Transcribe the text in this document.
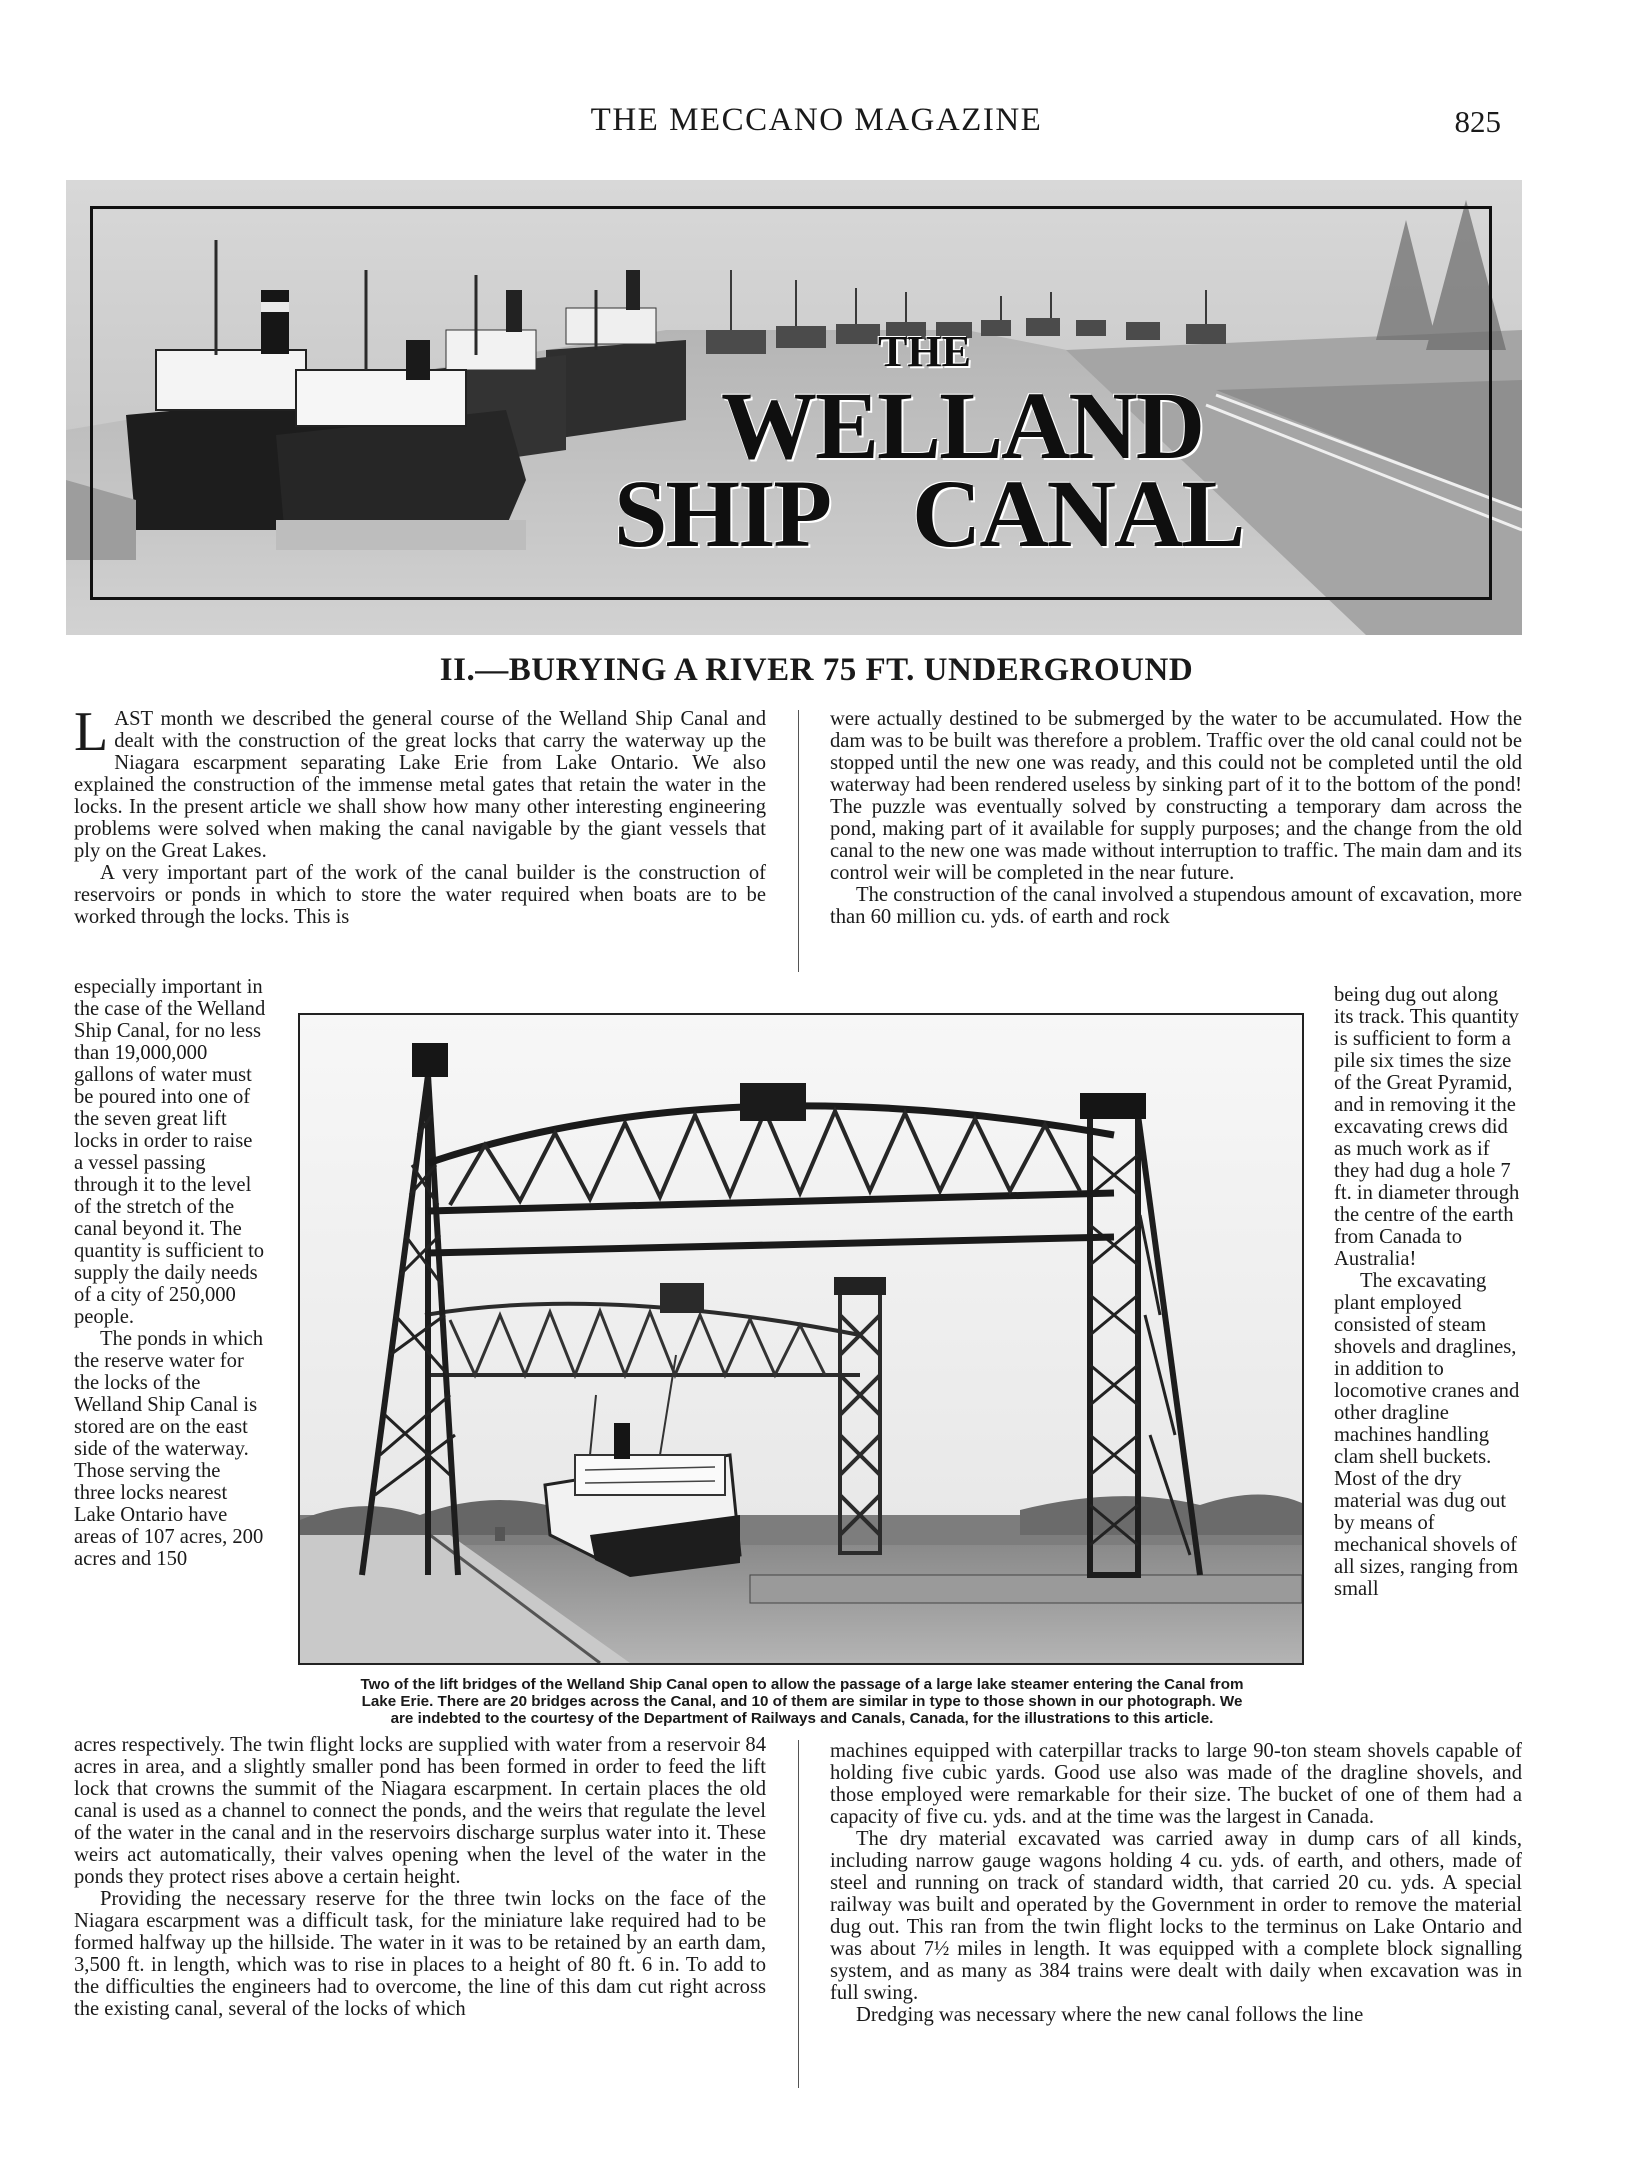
THE MECCANO MAGAZINE	825
THE
WELLAND
SHIP CANAL
II.—BURYING A RIVER 75 FT. UNDERGROUND

LAST month we described the general course of the Welland Ship Canal and dealt with the construction of the great locks that carry the waterway up the Niagara escarpment separating Lake Erie from Lake Ontario. We also explained the construction of the immense metal gates that retain the water in the locks. In the present article we shall show how many other interesting engineering problems were solved when making the canal navigable by the giant vessels that ply on the Great Lakes.

A very important part of the work of the canal builder is the construction of reservoirs or ponds in which to store the water required when boats are to be worked through the locks. This is

especially important in the case of the Welland Ship Canal, for no less than 19,000,000 gallons of water must be poured into one of the seven great lift locks in order to raise a vessel passing through it to the level of the stretch of the canal beyond it. The quantity is sufficient to supply the daily needs of a city of 250,000 people.

The ponds in which the reserve water for the locks of the Welland Ship Canal is stored are on the east side of the waterway. Those serving the three locks nearest Lake Ontario have areas of 107 acres, 200 acres and 150

were actually destined to be submerged by the water to be accumulated. How the dam was to be built was therefore a problem. Traffic over the old canal could not be stopped until the new one was ready, and this could not be completed until the old waterway had been rendered useless by sinking part of it to the bottom of the pond! The puzzle was eventually solved by constructing a temporary dam across the pond, making part of it available for supply purposes; and the change from the old canal to the new one was made without interruption to traffic. The main dam and its control weir will be completed in the near future.

The construction of the canal involved a stupendous amount of excavation, more than 60 million cu. yds. of earth and rock

being dug out along its track. This quantity is sufficient to form a pile six times the size of the Great Pyramid, and in removing it the excavating crews did as much work as if they had dug a hole 7 ft. in diameter through the centre of the earth from Canada to Australia!

The excavating plant employed consisted of steam shovels and draglines, in addition to locomotive cranes and other dragline machines handling clam shell buckets. Most of the dry material was dug out by means of mechanical shovels of all sizes, ranging from small

Two of the lift bridges of the Welland Ship Canal open to allow the passage of a large lake steamer entering the Canal from
Lake Erie. There are 20 bridges across the Canal, and 10 of them are similar in type to those shown in our photograph. We
are indebted to the courtesy of the Department of Railways and Canals, Canada, for the illustrations to this article.

acres respectively. The twin flight locks are supplied with water from a reservoir 84 acres in area, and a slightly smaller pond has been formed in order to feed the lift lock that crowns the summit of the Niagara escarpment. In certain places the old canal is used as a channel to connect the ponds, and the weirs that regulate the level of the water in the canal and in the reservoirs discharge surplus water into it. These weirs act automatically, their valves opening when the level of the water in the ponds they protect rises above a certain height.

Providing the necessary reserve for the three twin locks on the face of the Niagara escarpment was a difficult task, for the miniature lake required had to be formed halfway up the hillside. The water in it was to be retained by an earth dam, 3,500 ft. in length, which was to rise in places to a height of 80 ft. 6 in. To add to the difficulties the engineers had to overcome, the line of this dam cut right across the existing canal, several of the locks of which

machines equipped with caterpillar tracks to large 90-ton steam shovels capable of holding five cubic yards. Good use also was made of the dragline shovels, and those employed were remarkable for their size. The bucket of one of them had a capacity of five cu. yds. and at the time was the largest in Canada.

The dry material excavated was carried away in dump cars of all kinds, including narrow gauge wagons holding 4 cu. yds. of earth, and others, made of steel and running on track of standard width, that carried 20 cu. yds. A special railway was built and operated by the Government in order to remove the material dug out. This ran from the twin flight locks to the terminus on Lake Ontario and was about 7½ miles in length. It was equipped with a complete block signalling system, and as many as 384 trains were dealt with daily when excavation was in full swing.

Dredging was necessary where the new canal follows the line
